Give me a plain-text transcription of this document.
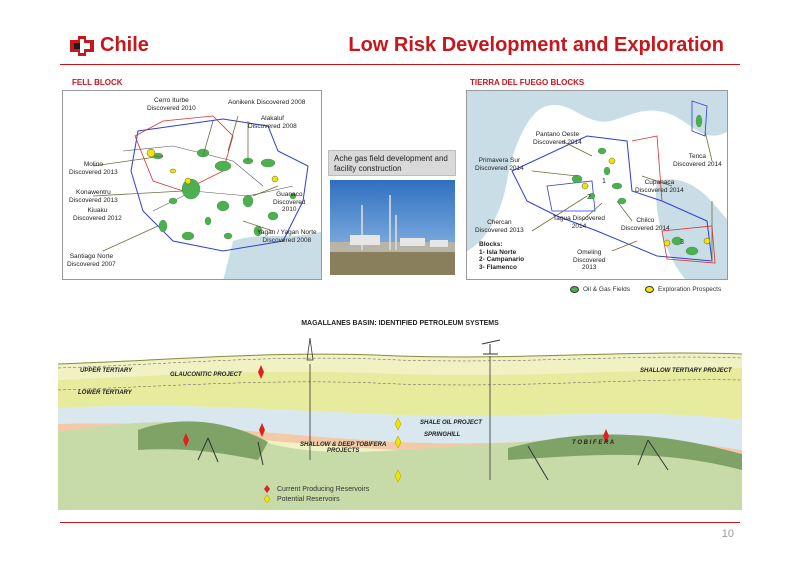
Chile	Low Risk Development and Exploration
FELL BLOCK
Cerro Iturbe
Discovered 2010
Aonikenk Discovered 2008
Alakaluf
Discovered 2008
Molino
Discovered 2013
Konawentru
Discovered 2013
Kiuaku
Discovered 2012
Guanaco
Discovered
2010
Yagan / Yagan Norte
Discovered 2008
Santiago Norte
Discovered 2007
Ache gas field development and facility construction
TIERRA DEL FUEGO BLOCKS
1
2
3
Pantano Oeste
Discovered 2014
Primavera Sur
Discovered 2014
Tenca
Discovered 2014
Cupanaca
Discovered 2014
Chercan
Discovered 2013
Tagua Discovered
2014
Chilco
Discovered 2014
Omeling
Discovered
2013
Blocks:
1- Isla Norte
2- Campanario
3- Flamenco
Oil & Gas Fields	Exploration Prospects
MAGALLANES BASIN: IDENTIFIED PETROLEUM SYSTEMS
UPPER TERTIARY
LOWER TERTIARY
GLAUCONITIC PROJECT
SHALLOW TERTIARY PROJECT
SHALE OIL PROJECT
SPRINGHILL
T O B I F E R A
SHALLOW & DEEP TOBIFERA
PROJECTS
Current Producing Reservoirs
Potential Reservoirs
10
